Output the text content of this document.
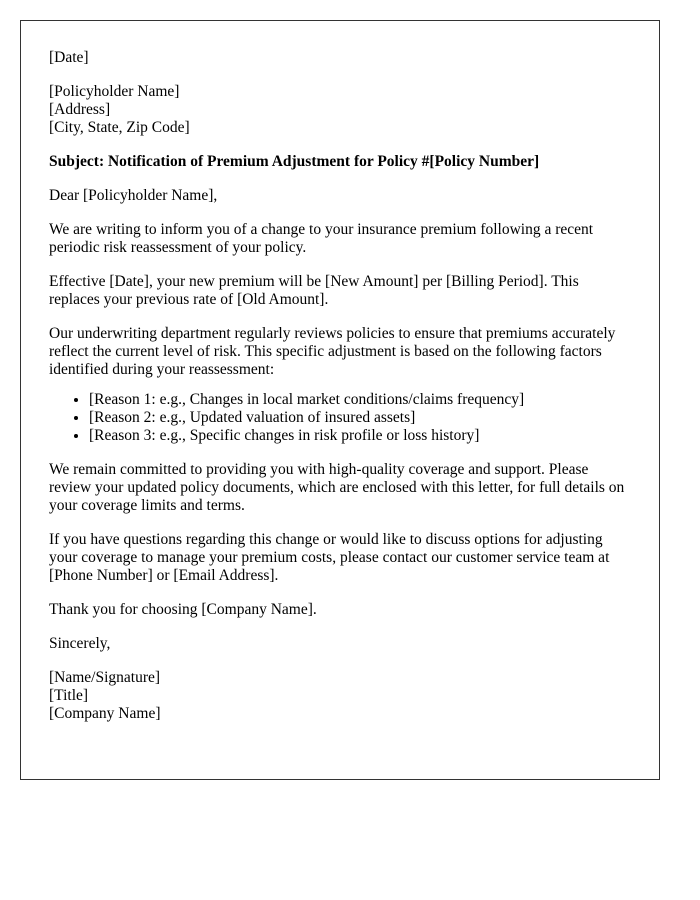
[Date]

[Policyholder Name]
[Address]
[City, State, Zip Code]

Subject: Notification of Premium Adjustment for Policy #[Policy Number]

Dear [Policyholder Name],

We are writing to inform you of a change to your insurance premium following a recent periodic risk reassessment of your policy.

Effective [Date], your new premium will be [New Amount] per [Billing Period]. This replaces your previous rate of [Old Amount].

Our underwriting department regularly reviews policies to ensure that premiums accurately reflect the current level of risk. This specific adjustment is based on the following factors identified during your reassessment:

• [Reason 1: e.g., Changes in local market conditions/claims frequency]
• [Reason 2: e.g., Updated valuation of insured assets]
• [Reason 3: e.g., Specific changes in risk profile or loss history]

We remain committed to providing you with high-quality coverage and support. Please review your updated policy documents, which are enclosed with this letter, for full details on your coverage limits and terms.

If you have questions regarding this change or would like to discuss options for adjusting your coverage to manage your premium costs, please contact our customer service team at [Phone Number] or [Email Address].

Thank you for choosing [Company Name].

Sincerely,

[Name/Signature]
[Title]
[Company Name]
